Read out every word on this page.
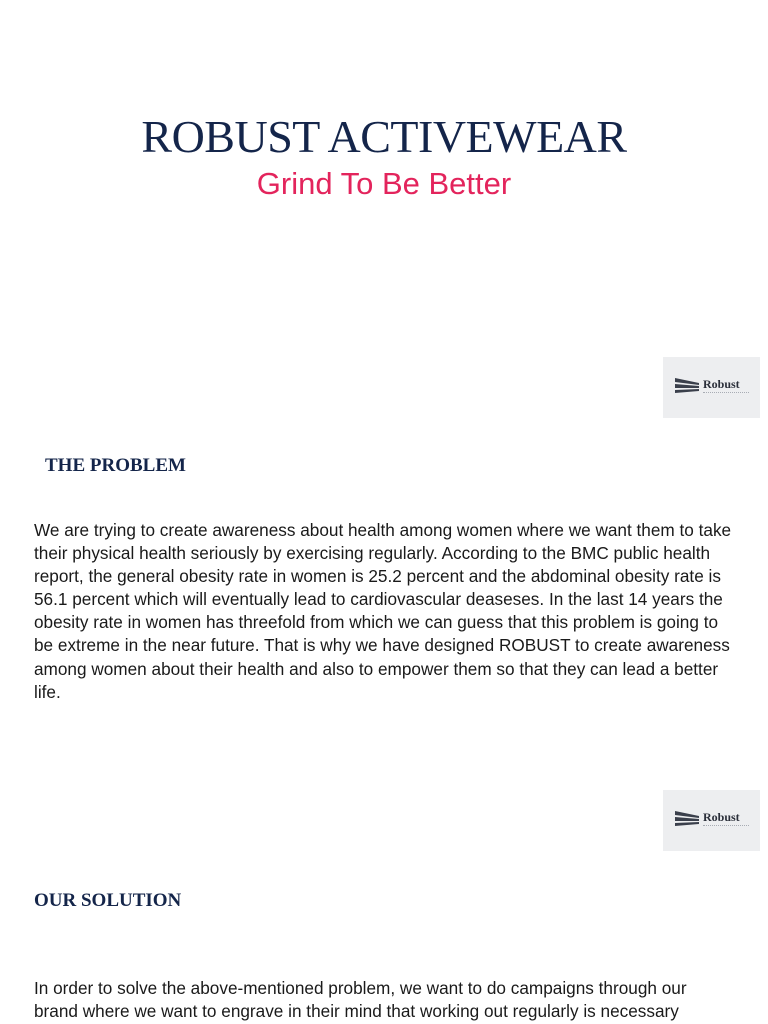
ROBUST ACTIVEWEAR
Grind To Be Better
Robust
THE PROBLEM
We are trying to create awareness about health among women where we want them to take their physical health seriously by exercising regularly. According to the BMC public health report, the general obesity rate in women is 25.2 percent and the abdominal obesity rate is 56.1 percent which will eventually lead to cardiovascular deaseses. In the last 14 years the obesity rate in women has threefold from which we can guess that this problem is going to be extreme in the near future. That is why we have designed ROBUST to create awareness among women about their health and also to empower them so that they can lead a better life.
Robust
OUR SOLUTION
In order to solve the above-mentioned problem, we want to do campaigns through our brand where we want to engrave in their mind that working out regularly is necessary
